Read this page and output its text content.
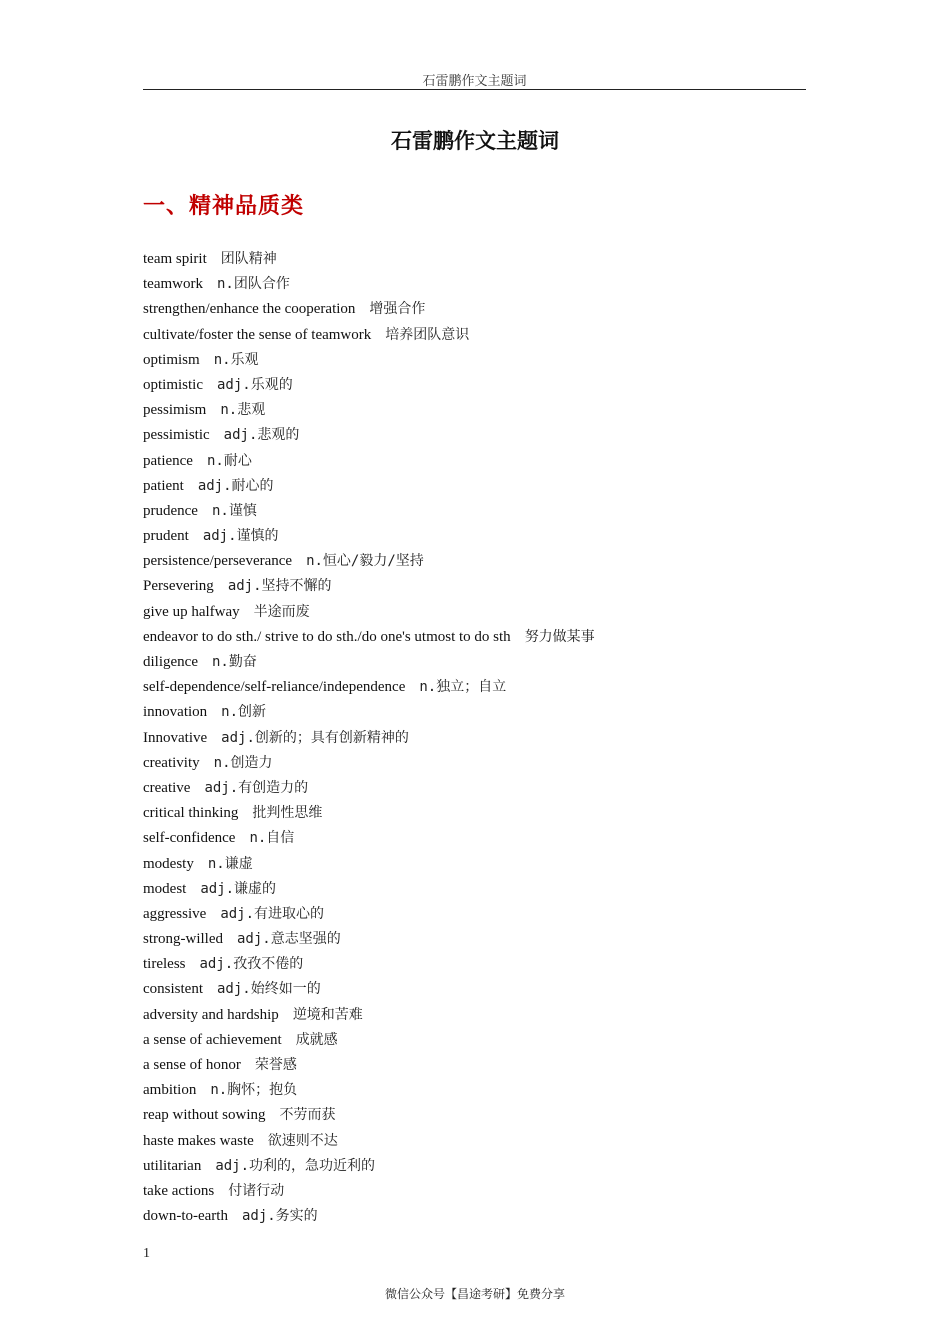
石雷鹏作文主题词
石雷鹏作文主题词
一、精神品质类
team spirit 团队精神
teamwork n.团队合作
strengthen/enhance the cooperation 增强合作
cultivate/foster the sense of teamwork 培养团队意识
optimism n.乐观
optimistic adj.乐观的
pessimism n.悲观
pessimistic adj.悲观的
patience n.耐心
patient adj.耐心的
prudence n.谨慎
prudent adj.谨慎的
persistence/perseverance n.恒心/毅力/坚持
Persevering adj.坚持不懈的
give up halfway 半途而废
endeavor to do sth./ strive to do sth./do one's utmost to do sth 努力做某事
diligence n.勤奋
self-dependence/self-reliance/independence n.独立；自立
innovation n.创新
Innovative adj.创新的；具有创新精神的
creativity n.创造力
creative adj.有创造力的
critical thinking 批判性思维
self-confidence n.自信
modesty n.谦虚
modest adj.谦虚的
aggressive adj.有进取心的
strong-willed adj.意志坚强的
tireless adj.孜孜不倦的
consistent adj.始终如一的
adversity and hardship 逆境和苦难
a sense of achievement 成就感
a sense of honor 荣誉感
ambition n.胸怀；抱负
reap without sowing 不劳而获
haste makes waste 欲速则不达
utilitarian adj.功利的，急功近利的
take actions 付诸行动
down-to-earth adj.务实的
1
微信公众号【昌途考研】免费分享
